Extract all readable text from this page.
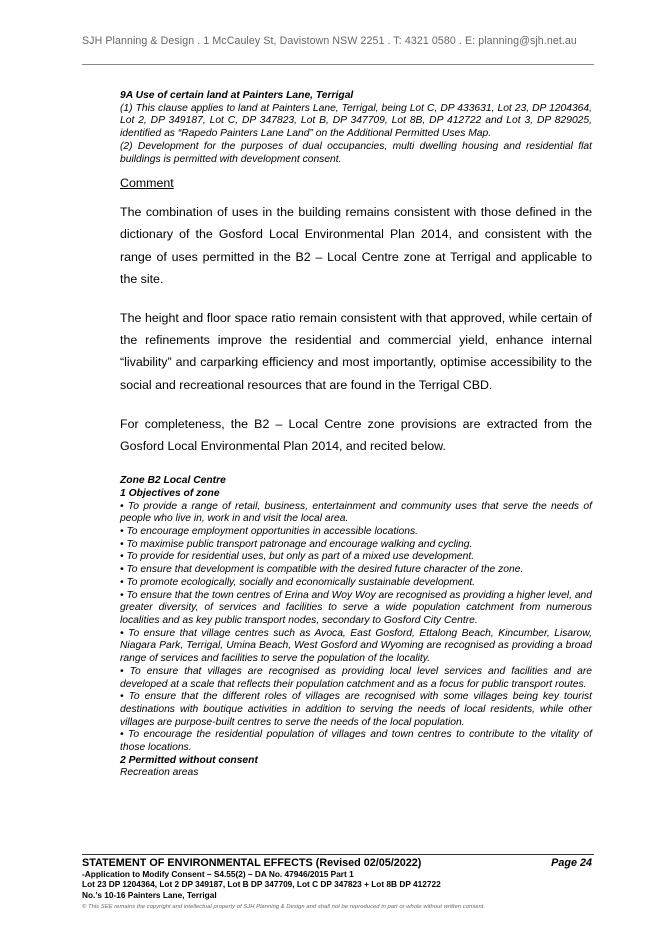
SJH Planning & Design . 1 McCauley St, Davistown NSW 2251 . T: 4321 0580 . E: planning@sjh.net.au

9A Use of certain land at Painters Lane, Terrigal

(1) This clause applies to land at Painters Lane, Terrigal, being Lot C, DP 433631, Lot 23, DP 1204364, Lot 2, DP 349187, Lot C, DP 347823, Lot B, DP 347709, Lot 8B, DP 412722 and Lot 3, DP 829025, identified as “Rapedo Painters Lane Land” on the Additional Permitted Uses Map.

(2) Development for the purposes of dual occupancies, multi dwelling housing and residential flat buildings is permitted with development consent.

Comment

The combination of uses in the building remains consistent with those defined in the dictionary of the Gosford Local Environmental Plan 2014, and consistent with the range of uses permitted in the B2 – Local Centre zone at Terrigal and applicable to the site.

The height and floor space ratio remain consistent with that approved, while certain of the refinements improve the residential and commercial yield, enhance internal “livability” and carparking efficiency and most importantly, optimise accessibility to the social and recreational resources that are found in the Terrigal CBD.

For completeness, the B2 – Local Centre zone provisions are extracted from the Gosford Local Environmental Plan 2014, and recited below.

Zone B2 Local Centre

1 Objectives of zone

• To provide a range of retail, business, entertainment and community uses that serve the needs of people who live in, work in and visit the local area.

• To encourage employment opportunities in accessible locations.

• To maximise public transport patronage and encourage walking and cycling.

• To provide for residential uses, but only as part of a mixed use development.

• To ensure that development is compatible with the desired future character of the zone.

• To promote ecologically, socially and economically sustainable development.

• To ensure that the town centres of Erina and Woy Woy are recognised as providing a higher level, and greater diversity, of services and facilities to serve a wide population catchment from numerous localities and as key public transport nodes, secondary to Gosford City Centre.

• To ensure that village centres such as Avoca, East Gosford, Ettalong Beach, Kincumber, Lisarow, Niagara Park, Terrigal, Umina Beach, West Gosford and Wyoming are recognised as providing a broad range of services and facilities to serve the population of the locality.

• To ensure that villages are recognised as providing local level services and facilities and are developed at a scale that reflects their population catchment and as a focus for public transport routes.

• To ensure that the different roles of villages are recognised with some villages being key tourist destinations with boutique activities in addition to serving the needs of local residents, while other villages are purpose-built centres to serve the needs of the local population.

• To encourage the residential population of villages and town centres to contribute to the vitality of those locations.

2 Permitted without consent

Recreation areas

STATEMENT OF ENVIRONMENTAL EFFECTS (Revised 02/05/2022)	Page 24
-Application to Modify Consent – S4.55(2) – DA No. 47946/2015 Part 1
Lot 23 DP 1204364, Lot 2 DP 349187, Lot B DP 347709, Lot C DP 347823 + Lot 8B DP 412722
No.’s 10-16 Painters Lane, Terrigal
© This SEE remains the copyright and intellectual property of SJH Planning & Design and shall not be reproduced in part or whole without written consent.
